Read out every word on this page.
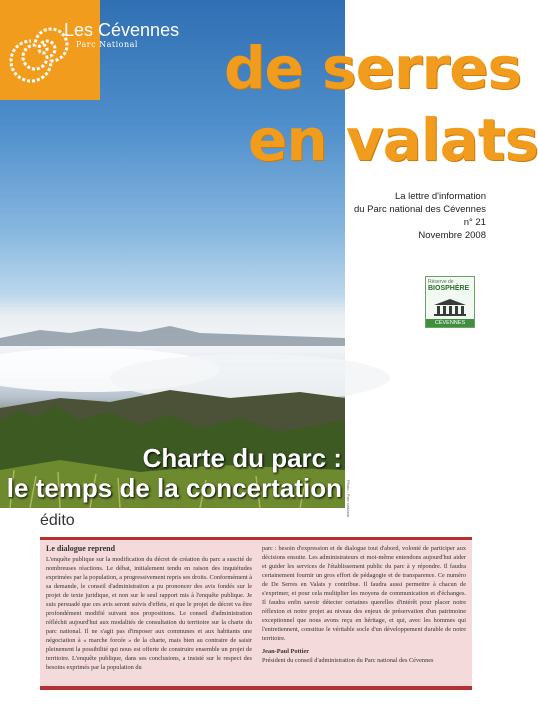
Les Cévennes
Parc National de serres
en valats
La lettre d'information
du Parc national des Cévennes
n° 21
Novembre 2008
Réserve de
BIOSPHÈRE
CÉVENNES
Charte du parc :
le temps de la concertation Photo : Parc national
édito
Le dialogue reprend
L'enquête publique sur la modification du décret de création du parc a suscité de nombreuses réactions. Le débat, initialement tendu en raison des inquiétudes exprimées par la population, a progressivement repris ses droits. Conformément à sa demande, le conseil d'administration a pu prononcer des avis fondés sur le projet de texte juridique, et non sur le seul rapport mis à l'enquête publique. Je suis persuadé que ces avis seront suivis d'effets, et que le projet de décret va être profondément modifié suivant nos propositions. Le conseil d'administration réfléchit aujourd'hui aux modalités de consultation du territoire sur la charte du parc national. Il ne s'agit pas d'imposer aux communes et aux habitants une négociation à « marche forcée » de la charte, mais bien au contraire de saisir pleinement la possibilité qui nous est offerte de construire ensemble un projet de territoire. L'enquête publique, dans ses conclusions, a insisté sur le respect des besoins exprimés par la population du
parc : besoin d'expression et de dialogue tout d'abord, volonté de participer aux décisions ensuite. Les administrateurs et moi-même entendons aujourd'hui aider et guider les services de l'établissement public du parc à y répondre. Il faudra certainement fournir un gros effort de pédagogie et de transparence. Ce numéro de De Serres en Valats y contribue. Il faudra aussi permettre à chacun de s'exprimer, et pour cela multiplier les moyens de communication et d'échanges. Il faudra enfin savoir détecter certaines querelles d'intérêt pour placer notre réflexion et notre projet au niveau des enjeux de préservation d'un patrimoine exceptionnel que nous avons reçu en héritage, et qui, avec les hommes qui l'entretiennent, constitue le véritable socle d'un développement durable de notre territoire.
Jean-Paul Pottier
Président du conseil d'administration du Parc national des Cévennes
